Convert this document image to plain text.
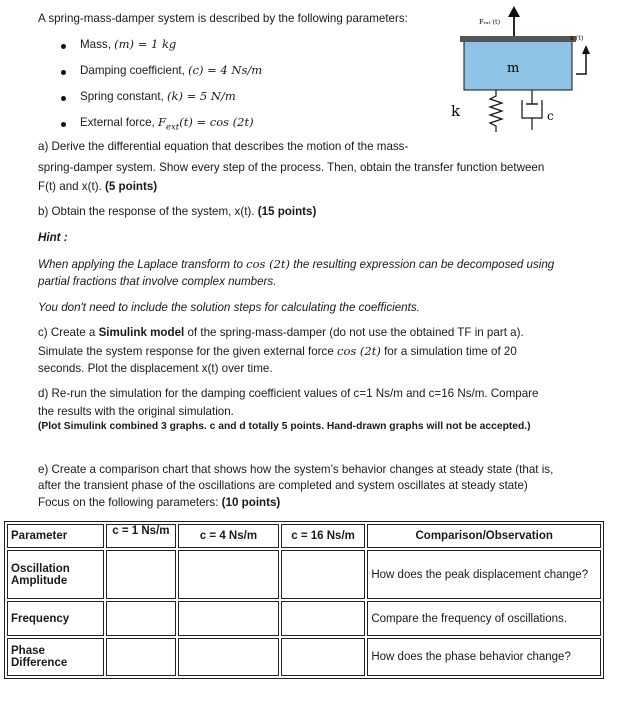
A spring-mass-damper system is described by the following parameters:
Mass, (m) = 1 kg
Damping coefficient, (c) = 4 Ns/m
Spring constant, (k) = 5 N/m
External force, $F_{ext}(t) = \cos (2t)$
Fₑₓₜ (t)
m
x (t)
k	c
a) Derive the differential equation that describes the motion of the mass-
spring-damper system. Show every step of the process. Then, obtain the transfer function between
F(t) and x(t). (5 points)
b) Obtain the response of the system, x(t). (15 points)
Hint :
When applying the Laplace transform to cos (2t) the resulting expression can be decomposed using
partial fractions that involve complex numbers.
You don't need to include the solution steps for calculating the coefficients.
c) Create a Simulink model of the spring-mass-damper (do not use the obtained TF in part a).
Simulate the system response for the given external force cos (2t) for a simulation time of 20
seconds. Plot the displacement x(t) over time.
d) Re-run the simulation for the damping coefficient values of c=1 Ns/m and c=16 Ns/m. Compare
the results with the original simulation.
(Plot Simulink combined 3 graphs. c and d totally 5 points. Hand-drawn graphs will not be accepted.)
e) Create a comparison chart that shows how the system’s behavior changes at steady state (that is,
after the transient phase of the oscillations are completed and system oscillates at steady state)
Focus on the following parameters: (10 points)
Parameter	c = 1 Ns/m	c = 4 Ns/m	c = 16 Ns/m	Comparison/Observation
Oscillation
Amplitude				How does the peak displacement change?
Frequency				Compare the frequency of oscillations.
Phase Difference				How does the phase behavior change?
